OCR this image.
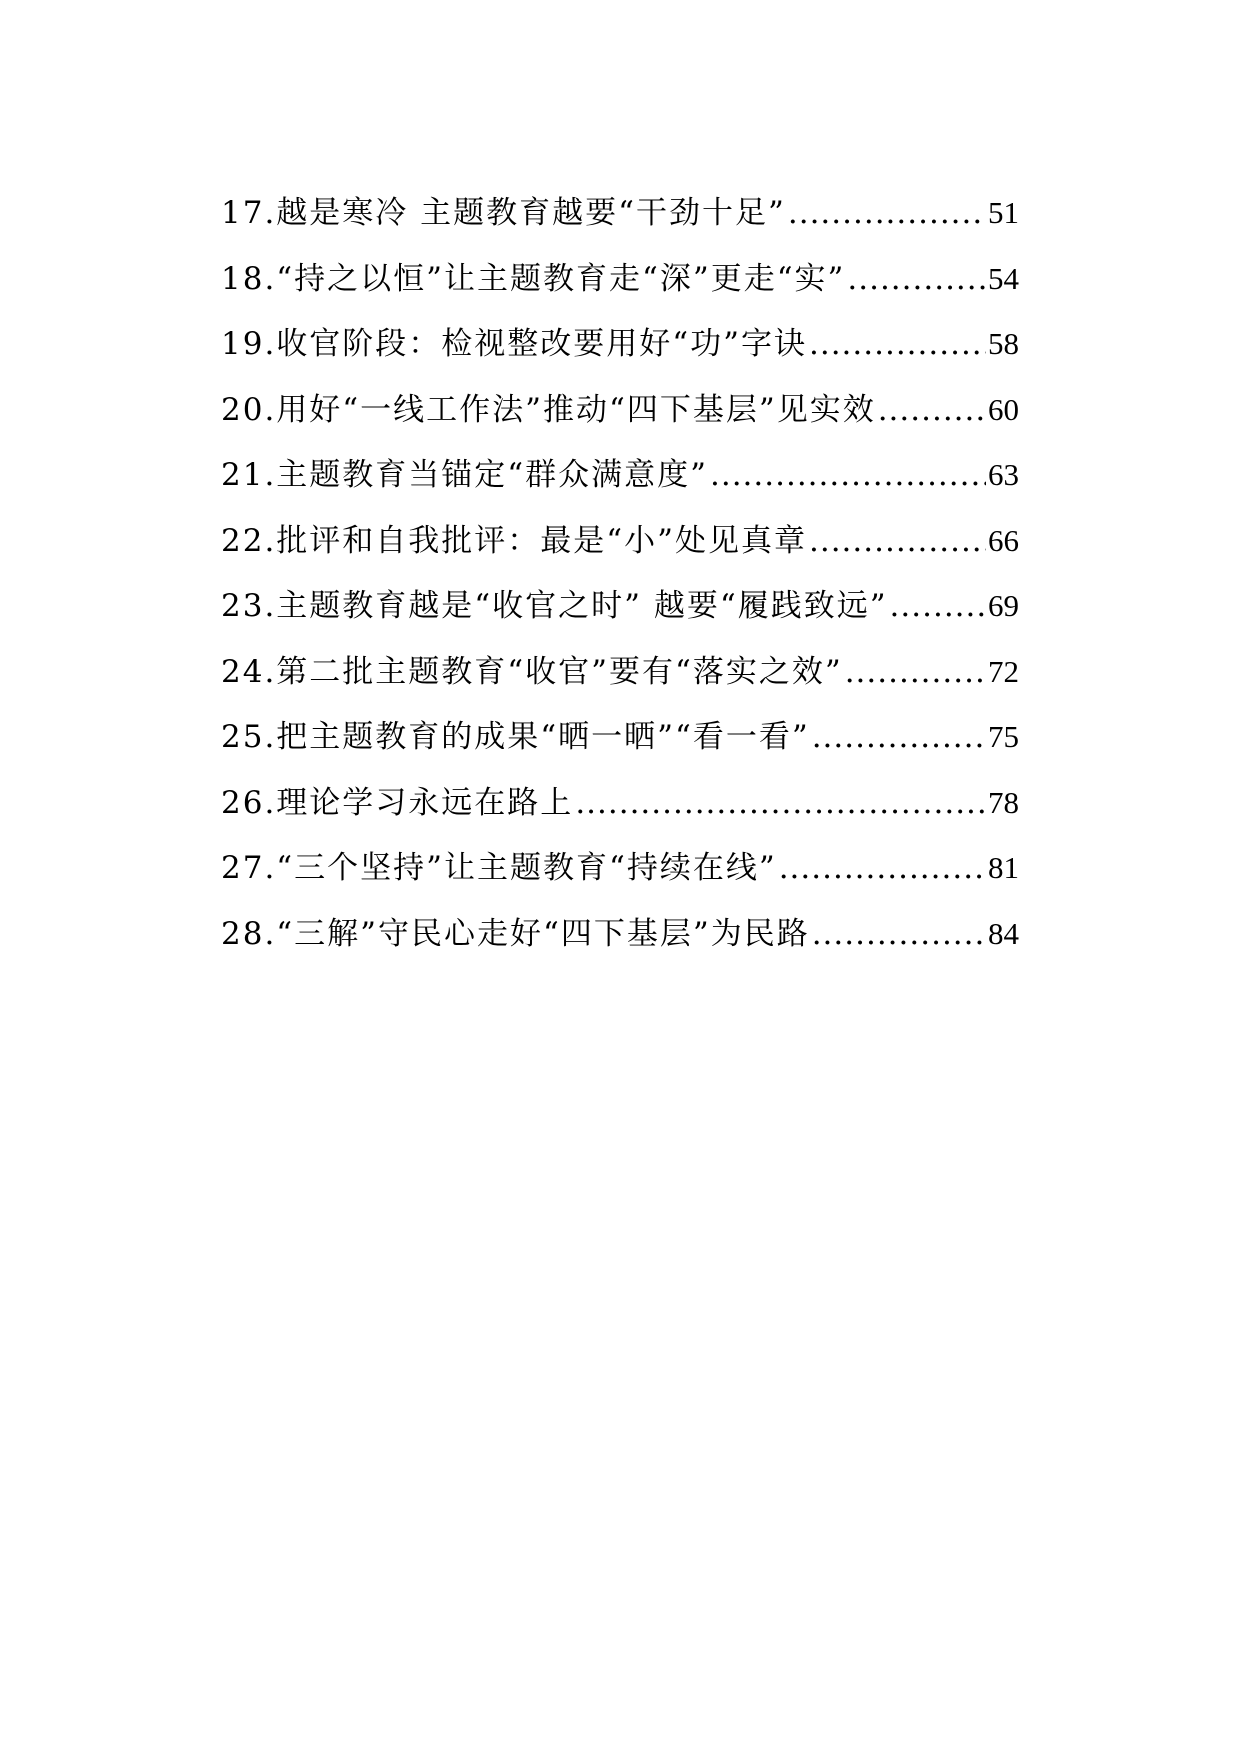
17.越是寒冷 主题教育越要“干劲十足” .....	51
18.“持之以恒”让主题教育走“深”更走“实” .....	54
19.收官阶段：检视整改要用好“功”字诀 .....	58
20.用好“一线工作法”推动“四下基层”见实效 .....	60
21.主题教育当锚定“群众满意度” .....	63
22.批评和自我批评：最是“小”处见真章 .....	66
23.主题教育越是“收官之时” 越要“履践致远” .....	69
24.第二批主题教育“收官”要有“落实之效” .....	72
25.把主题教育的成果“晒一晒”“看一看” .....	75
26.理论学习永远在路上 .....	78
27.“三个坚持”让主题教育“持续在线” .....	81
28.“三解”守民心走好“四下基层”为民路 .....	84
